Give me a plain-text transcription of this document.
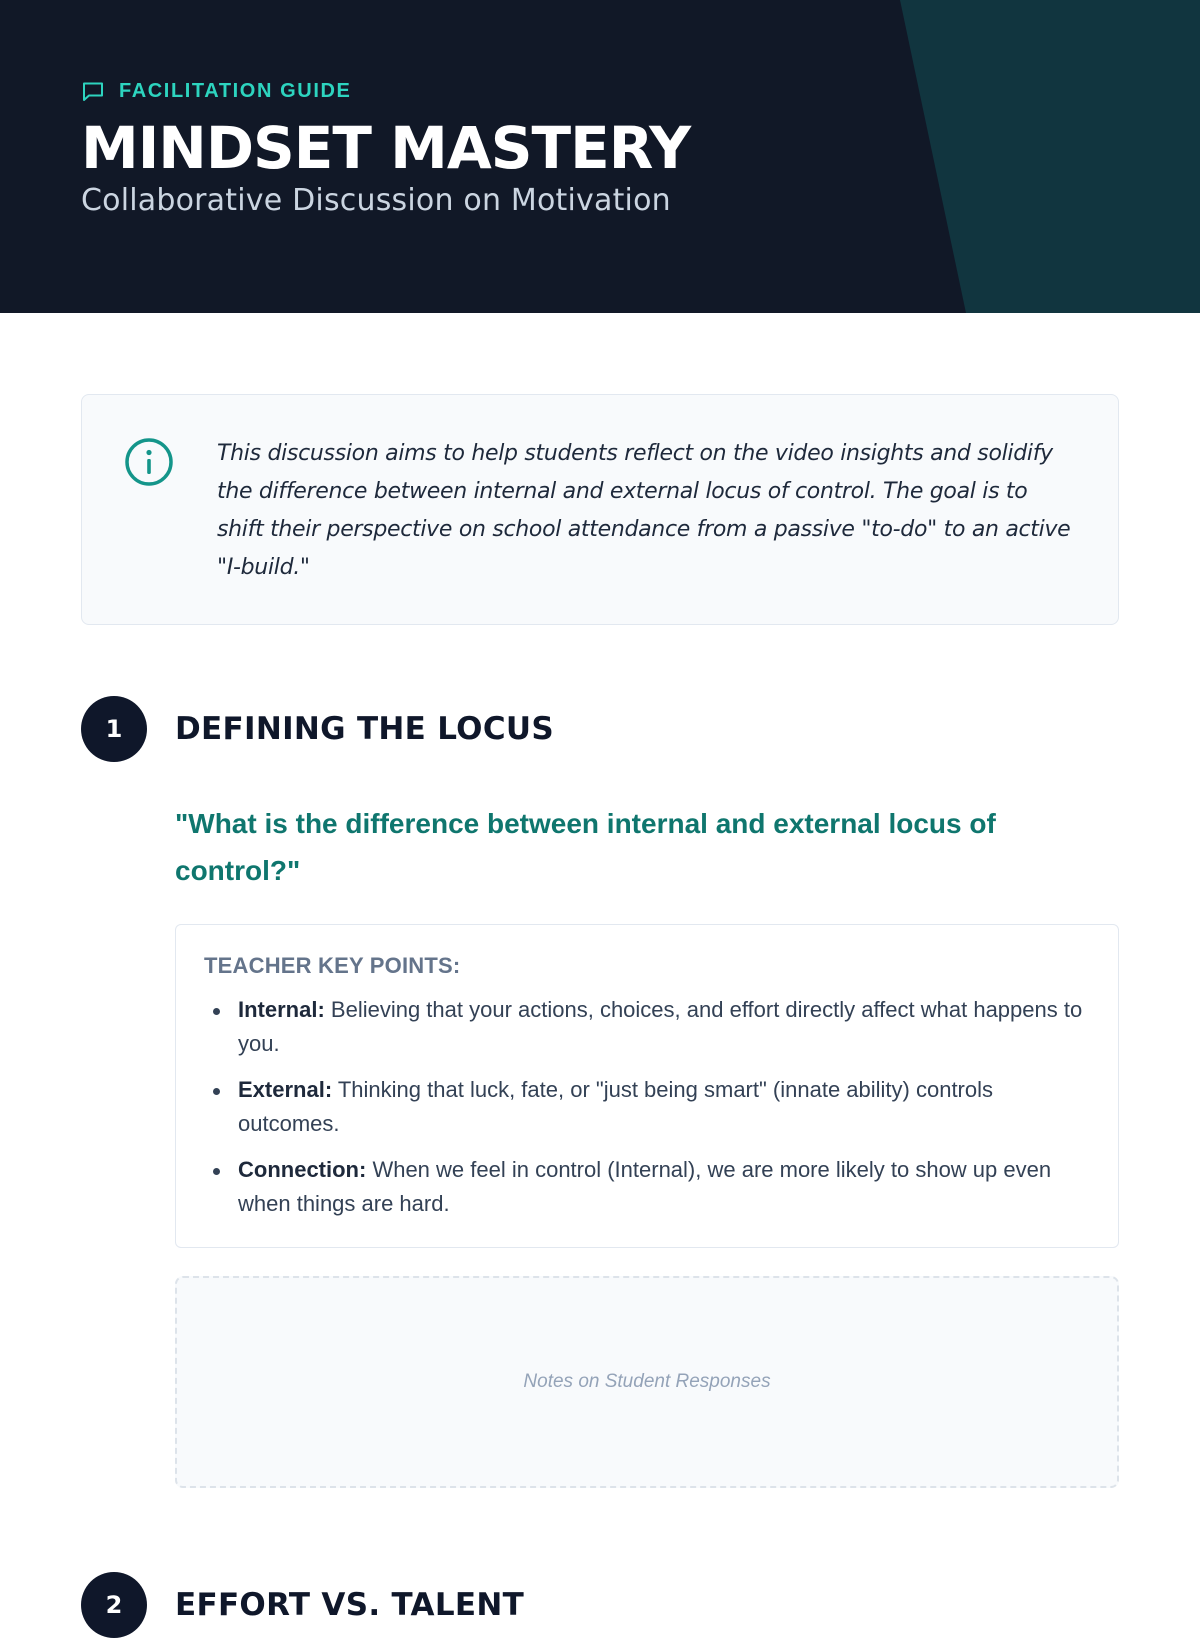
FACILITATION GUIDE
MINDSET MASTERY
Collaborative Discussion on Motivation
This discussion aims to help students reflect on the video insights and solidify the difference between internal and external locus of control. The goal is to shift their perspective on school attendance from a passive "to-do" to an active "I-build."
1	DEFINING THE LOCUS
"What is the difference between internal and external locus of control?"
TEACHER KEY POINTS:
Internal: Believing that your actions, choices, and effort directly affect what happens to you.
External: Thinking that luck, fate, or "just being smart" (innate ability) controls outcomes.
Connection: When we feel in control (Internal), we are more likely to show up even when things are hard.
Notes on Student Responses
2	EFFORT VS. TALENT
